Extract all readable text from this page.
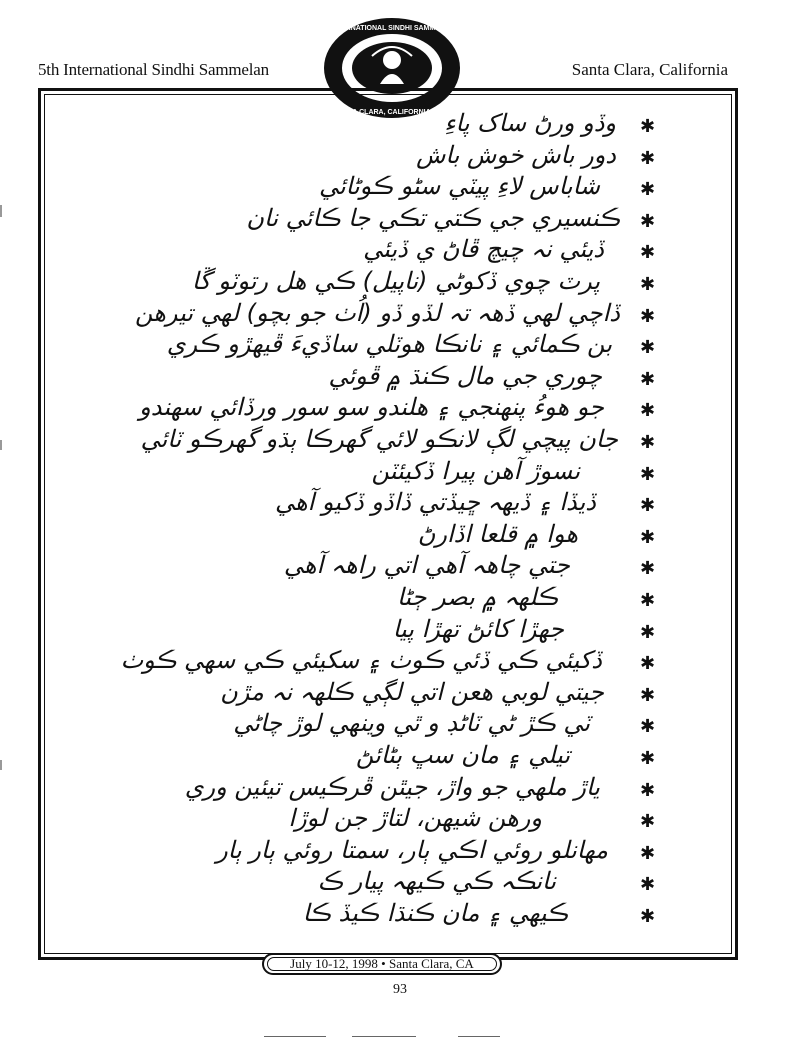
5th International Sindhi Sammelan	Santa Clara, California
INTERNATIONAL SINDHI SAMMELAN
SANTA CLARA, CALIFORNIA, 1998
July 10-12, 1998 • Santa Clara, CA
93
وڏو ورڻ ساک پاءِ ✱
دور باش خوش باش ✱
شاباس لاءِ پيٽي سڻو ڪوڻائي ✱
ڪنسيري جي ڪتي تڪي جا ڪائي نان ✱
ڏيئي نہ چيچ ڦاڻ ي ڏيئي ✱
پرٽ چوي ڏکوڻي (ناپيل) ڪي هل رتوٽو ڱا ✱
ڏاچي لهي ڏهہ تہ لڏو ڏو (اُٺ جو بچو) لهي تيرهن ✱
بن ڪمائي ۽ نانڪا ھوٽلي ساڏيءَ ڦيهڙو ڪري ✱
چوري جي مال ڪنڌ ۾ ڦوئي ✱
جو هوءُ پنهنجي ۽ هلندو سو سور ورڏائي سهندو ✱
جان پيچي لڳ لانڪو لائي گهرڪا ٻڌو گهرڪو ٽائي ✱
نسوڙ آهن پيرا ڏکيئٽن	✱
ڏيڏا ۽ ڏيهہ ڇيڏتي ڏاڏو ڏکيو آهي ✱
هوا ۾ قلعا اڏارڻ	✱
جتي چاهہ آهي اتي راهہ آهي	✱
ڪلهہ ۾ بصر ڄڻا	✱
جهڙا کائڻ تهڙا پيا	✱
ڏکيئي ڪي ڏئي ڪوٺ ۽ سکيئي ڪي سهي ڪوٺ ✱
جيتي لوبي هعن اتي لڳي ڪلهہ نہ مڙن ✱
ٽي ڪڙ ڻي ٽاڻڊ و ٿي وينهي لوڙ چاڻي	✱
تيلي ۽ مان سڀ ٻڻائڻ	✱
ياڙ ملهي جو واڙ، جيٿن ڦرڪيس تيئين وري ✱
ورهن شيهن، لتاڙ جن لوڙا	✱
مهانلو روئي اڪي ٻار، سمتا روئي ٻار ٻار ✱
نانڪہ ڪي ڪيهہ پيار ڪ	✱
ڪيهي ۽ مان ڪنڌا ڪيڏ ڪا	✱
